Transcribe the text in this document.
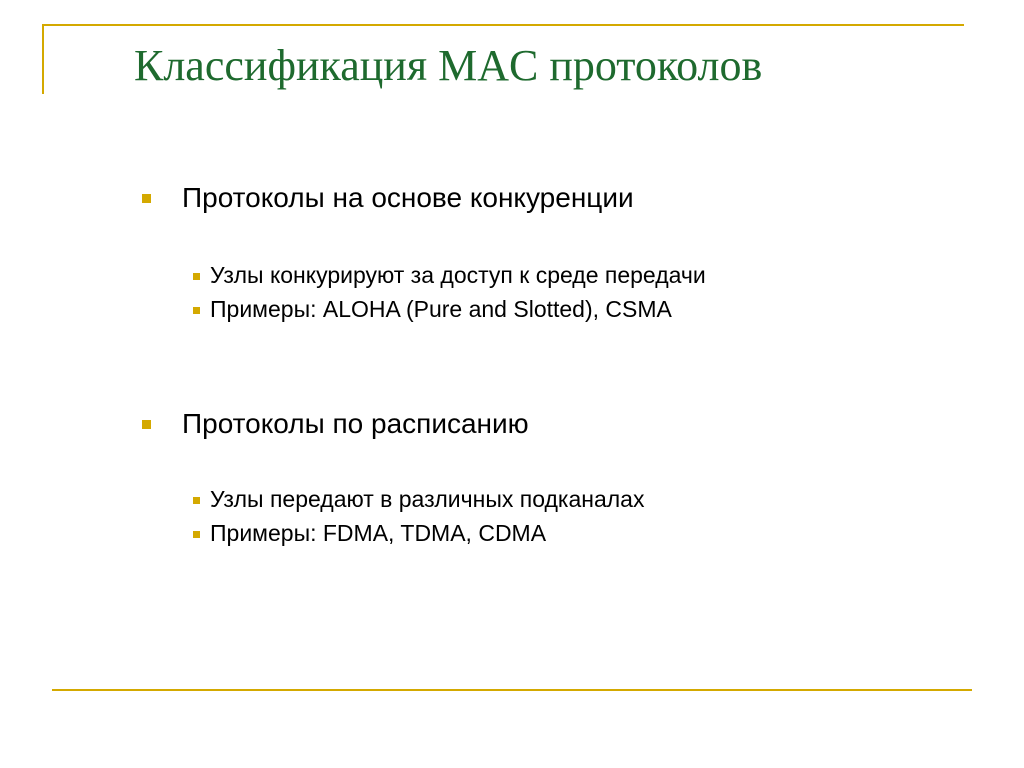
Классификация MAC протоколов
Протоколы на основе конкуренции
Узлы конкурируют за доступ к среде передачи
Примеры: ALOHA (Pure and Slotted), CSMA
Протоколы по расписанию
Узлы передают в различных подканалах
Примеры: FDMA, TDMA, CDMA
